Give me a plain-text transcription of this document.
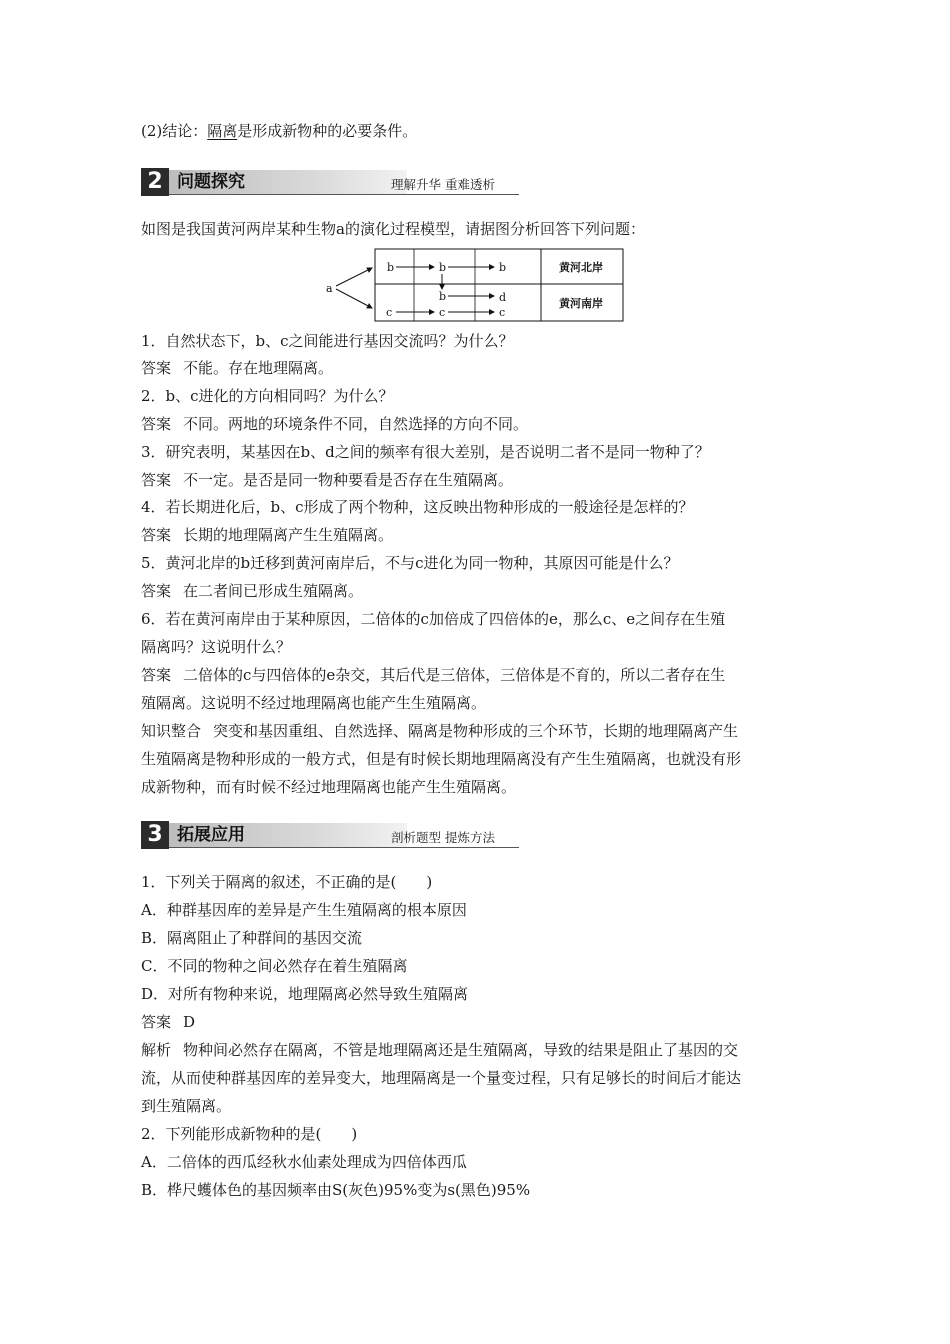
(2)结论：隔离是形成新物种的必要条件。
2 问题探究	理解升华 重难透析
如图是我国黄河两岸某种生物a的演化过程模型，请据图分析回答下列问题：
a
b	b	b
b	d
c	c	c
黄河北岸
黄河南岸
1．自然状态下，b、c之间能进行基因交流吗？为什么？
答案 不能。存在地理隔离。
2．b、c进化的方向相同吗？为什么？
答案 不同。两地的环境条件不同，自然选择的方向不同。
3．研究表明，某基因在b、d之间的频率有很大差别，是否说明二者不是同一物种了？
答案 不一定。是否是同一物种要看是否存在生殖隔离。
4．若长期进化后，b、c形成了两个物种，这反映出物种形成的一般途径是怎样的？
答案 长期的地理隔离产生生殖隔离。
5．黄河北岸的b迁移到黄河南岸后，不与c进化为同一物种，其原因可能是什么？
答案 在二者间已形成生殖隔离。
6．若在黄河南岸由于某种原因，二倍体的c加倍成了四倍体的e，那么c、e之间存在生殖
隔离吗？这说明什么？
答案 二倍体的c与四倍体的e杂交，其后代是三倍体，三倍体是不育的，所以二者存在生
殖隔离。这说明不经过地理隔离也能产生生殖隔离。
知识整合 突变和基因重组、自然选择、隔离是物种形成的三个环节，长期的地理隔离产生
生殖隔离是物种形成的一般方式，但是有时候长期地理隔离没有产生生殖隔离，也就没有形
成新物种，而有时候不经过地理隔离也能产生生殖隔离。
3 拓展应用	剖析题型 提炼方法
1．下列关于隔离的叙述，不正确的是(　　)
A．种群基因库的差异是产生生殖隔离的根本原因
B．隔离阻止了种群间的基因交流
C．不同的物种之间必然存在着生殖隔离
D．对所有物种来说，地理隔离必然导致生殖隔离
答案 D
解析 物种间必然存在隔离，不管是地理隔离还是生殖隔离，导致的结果是阻止了基因的交
流，从而使种群基因库的差异变大，地理隔离是一个量变过程，只有足够长的时间后才能达
到生殖隔离。
2．下列能形成新物种的是(　　)
A．二倍体的西瓜经秋水仙素处理成为四倍体西瓜
B．桦尺蠖体色的基因频率由S(灰色)95%变为s(黑色)95%
